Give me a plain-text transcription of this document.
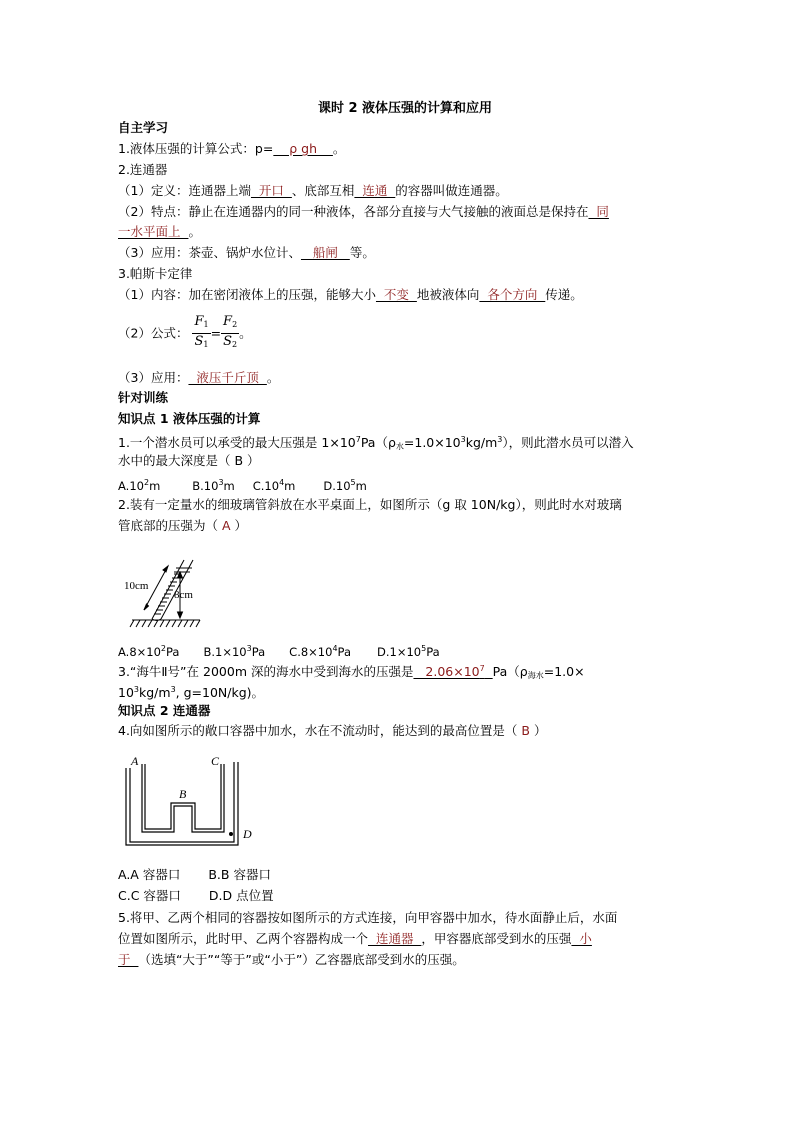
课时 2 液体压强的计算和应用
自主学习
1.液体压强的计算公式：p=    ρ gh    。
2.连通器
（1）定义：连通器上端  开口  、底部互相  连通  的容器叫做连通器。
（2）特点：静止在连通器内的同一种液体，各部分直接与大气接触的液面总是保持在  同
一水平面上  。
（3）应用：茶壶、锅炉水位计、   船闸   等。
3.帕斯卡定律
（1）内容：加在密闭液体上的压强，能够大小  不变  地被液体向  各个方向  传递。
（2）公式： $\frac{F_1}{S_1} = \frac{F_2}{S_2}$ 。
（3）应用：  液压千斤顶  。
针对训练
知识点 1 液体压强的计算
1.一个潜水员可以承受的最大压强是 $1\times 10^7Pa(\rho_水=1.0\times 10^3kg/m^3)$，则此潜水员可以潜入
水中的最大深度是（ B ）
$A.10^2m$	$B.10^3m$ $C.10^4m$ $D.10^5m$
2.装有一定量水的细玻璃管斜放在水平桌面上，如图所示（g 取 10N/kg），则此时水对玻璃
管底部的压强为（ A ）
10cm
8cm
$A.8\times 10^2Pa$ $B.1\times 10^3Pa$ $C.8\times 10^4Pa$ $D.1\times 10^5Pa$
3.“海牛Ⅱ号”在 2000m 深的海水中受到海水的压强是   $2.06\times 10^7$ $Pa(\rho_{海水}=1.0\times$
$10^3kg/m^3$, g=10N/kg)。
知识点 2 连通器
4.向如图所示的敞口容器中加水，水在不流动时，能达到的最高位置是（ B ）
A
B
C
D
A.A 容器口 B.B 容器口
C.C 容器口 D.D 点位置
5.将甲、乙两个相同的容器按如图所示的方式连接，向甲容器中加水，待水面静止后，水面
位置如图所示，此时甲、乙两个容器构成一个  连通器  ，甲容器底部受到水的压强  小
于  （选填“大于”“等于”或“小于”）乙容器底部受到水的压强。
